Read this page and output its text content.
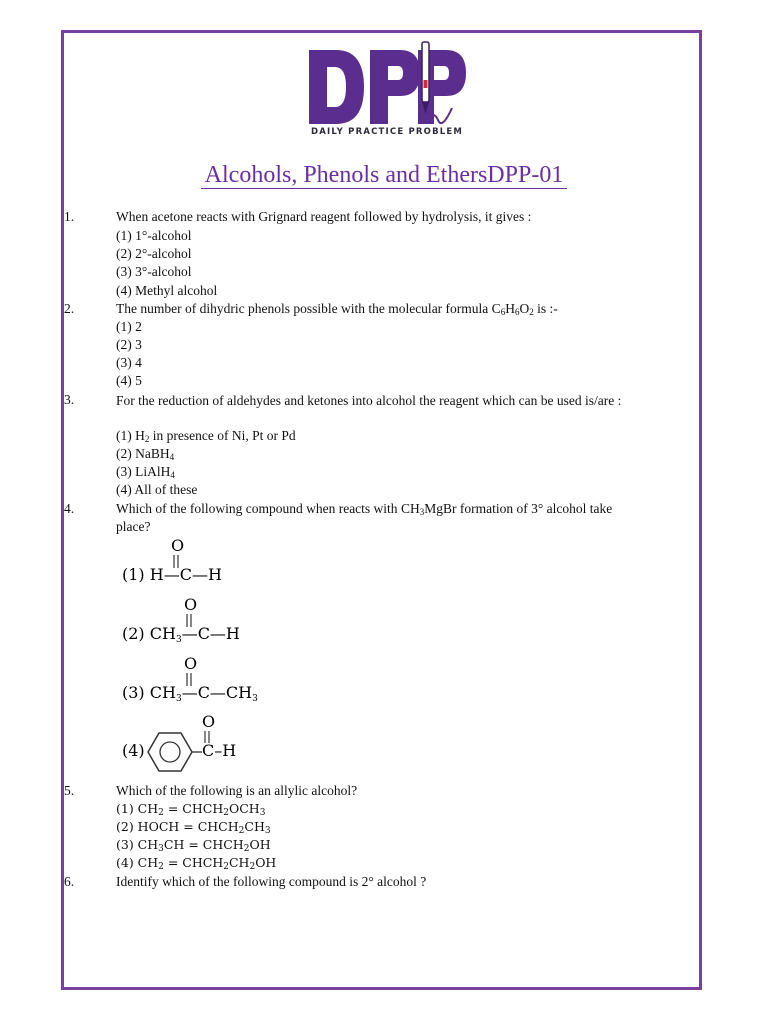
DAILY PRACTICE PROBLEM
Alcohols, Phenols and EthersDPP-01
1.	When acetone reacts with Grignard reagent followed by hydrolysis, it gives :
(1) 1°-alcohol
(2) 2°-alcohol
(3) 3°-alcohol
(4) Methyl alcohol
2.	The number of dihydric phenols possible with the molecular formula $C_6H_6O_2$ is :-
(1) 2
(2) 3
(3) 4
(4) 5
3.	For the reduction of aldehydes and ketones into alcohol the reagent which can be used is/are :
(1) $H_2$ in presence of Ni, Pt or Pd
(2) NaBH$_4$
(3) LiAlH$_4$
(4) All of these
4.	Which of the following compound when reacts with $CH_3MgBr$ formation of 3° alcohol take
place?
(1) H—C—H
O
(2) CH3—C—H
O
(3) CH3—C—CH3
O
(4)	C–H
O
5.	Which of the following is an allylic alcohol?
(1) $CH_2$ = $CHCH_2OCH_3$
(2) HOCH = $CHCH_2CH_3$
(3) $CH_3CH$ = $CHCH_2OH$
(4) $CH_2$ = $CHCH_2CH_2OH$
6.	Identify which of the following compound is 2° alcohol ?
